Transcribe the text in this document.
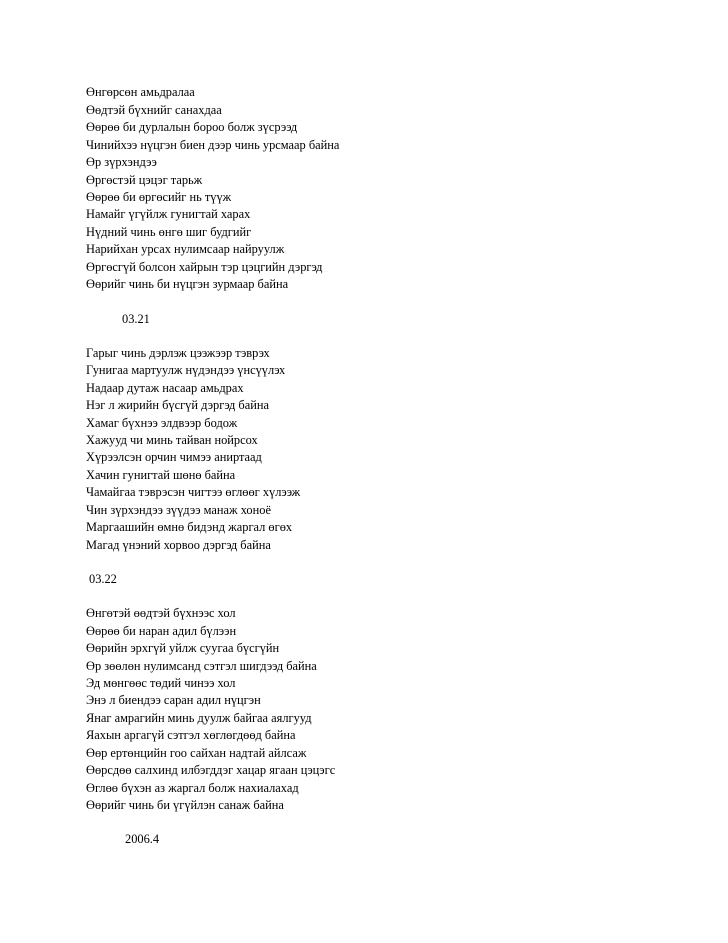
Өнгөрсөн амьдралаа
Өөдтэй бүхнийг санахдаа
Өөрөө би дурлалын бороо болж зүсрээд
Чинийхээ нүцгэн биен дээр чинь урсмаар байна
Өр зүрхэндээ
Өргөстэй цэцэг тарьж
Өөрөө би өргөсийг нь түүж
Намайг үгүйлж гунигтай харах
Нүдний чинь өнгө шиг будгийг
Нарийхан урсах нулимсаар найруулж
Өргөсгүй болсон хайрын тэр цэцгийн дэргэд
Өөрийг чинь би нүцгэн зурмаар байна
03.21
Гарыг чинь дэрлэж цээжээр тэврэх
Гунигаа мартуулж нүдэндээ үнсүүлэх
Надаар дутаж насаар амьдрах
Нэг л жирийн бүсгүй дэргэд байна
Хамаг бүхнээ элдвээр бодож
Хажууд чи минь тайван нойрсох
Хүрээлсэн орчин чимээ аниртаад
Хачин гунигтай шөнө байна
Чамайгаа тэврэсэн чигтээ өглөөг хүлээж
Чин зүрхэндээ зүүдээ манаж хоноё
Маргаашийн өмнө бидэнд жаргал өгөх
Магад үнэний хорвоо дэргэд байна
03.22
Өнгөтэй өөдтэй бүхнээс хол
Өөрөө би наран адил бүлээн
Өөрийн эрхгүй уйлж суугаа бүсгүйн
Өр зөөлөн нулимсанд сэтгэл шигдээд байна
Эд мөнгөөс төдий чинээ хол
Энэ л биендээ саран адил нүцгэн
Янаг амрагийн минь дуулж байгаа аялгууд
Яахын аргагүй сэтгэл хөглөгдөөд байна
Өөр ертөнцийн гоо сайхан надтай айлсаж
Өөрсдөө салхинд илбэгддэг хацар ягаан цэцэгс
Өглөө бүхэн аз жаргал болж нахиалахад
Өөрийг чинь би үгүйлэн санаж байна
2006.4
